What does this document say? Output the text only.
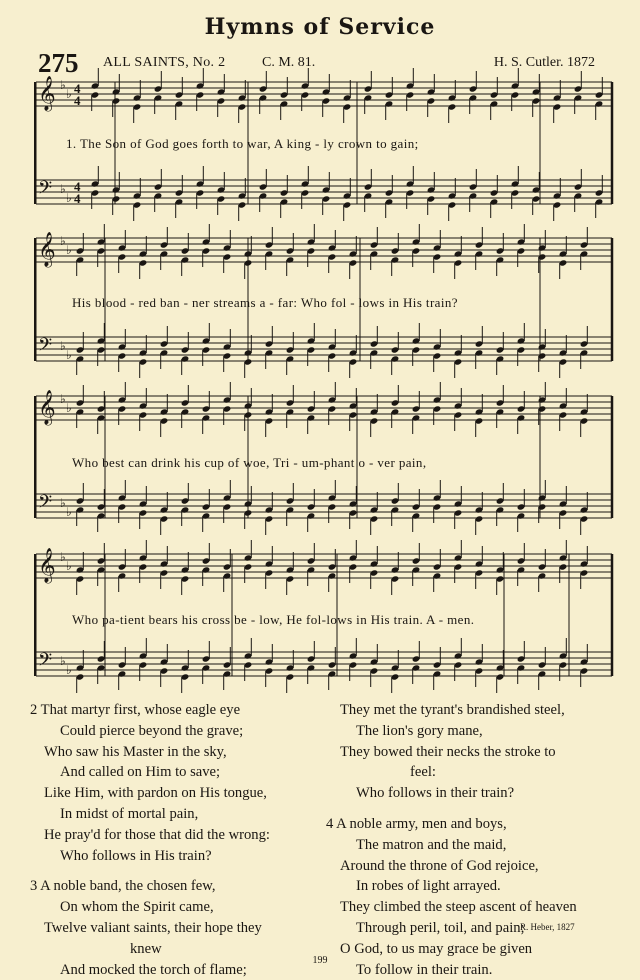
Hymns of Service
275 ALL SAINTS, No. 2	C. M. 81.	H. S. Cutler. 1872
𝄞 ♭
♭ 4
4
𝄢 ♭
♭
4
4
𝄞 ♭
♭
𝄢 ♭
♭
𝄞 ♭
♭
𝄢 ♭
♭
𝄞 ♭
♭
𝄢 ♭
♭
1. The Son of God goes forth to war, A king - ly crown to gain;
His blood - red ban - ner streams a - far: Who fol - lows in His train?
Who best can drink his cup of woe, Tri - um-phant o - ver pain,
Who pa-tient bears his cross be - low, He fol-lows in His train. A - men.
2 That martyr first, whose eagle eye
Could pierce beyond the grave;
Who saw his Master in the sky,
And called on Him to save;
Like Him, with pardon on His tongue,
In midst of mortal pain,
He pray'd for those that did the wrong:
Who follows in His train?
3 A noble band, the chosen few,
On whom the Spirit came,
Twelve valiant saints, their hope they
knew
And mocked the torch of flame;
They met the tyrant's brandished steel,
The lion's gory mane,
They bowed their necks the stroke to
feel:
Who follows in their train?
4 A noble army, men and boys,
The matron and the maid,
Around the throne of God rejoice,
In robes of light arrayed.
They climbed the steep ascent of heaven
Through peril, toil, and pain;
O God, to us may grace be given
To follow in their train.
R. Heber, 1827
199
